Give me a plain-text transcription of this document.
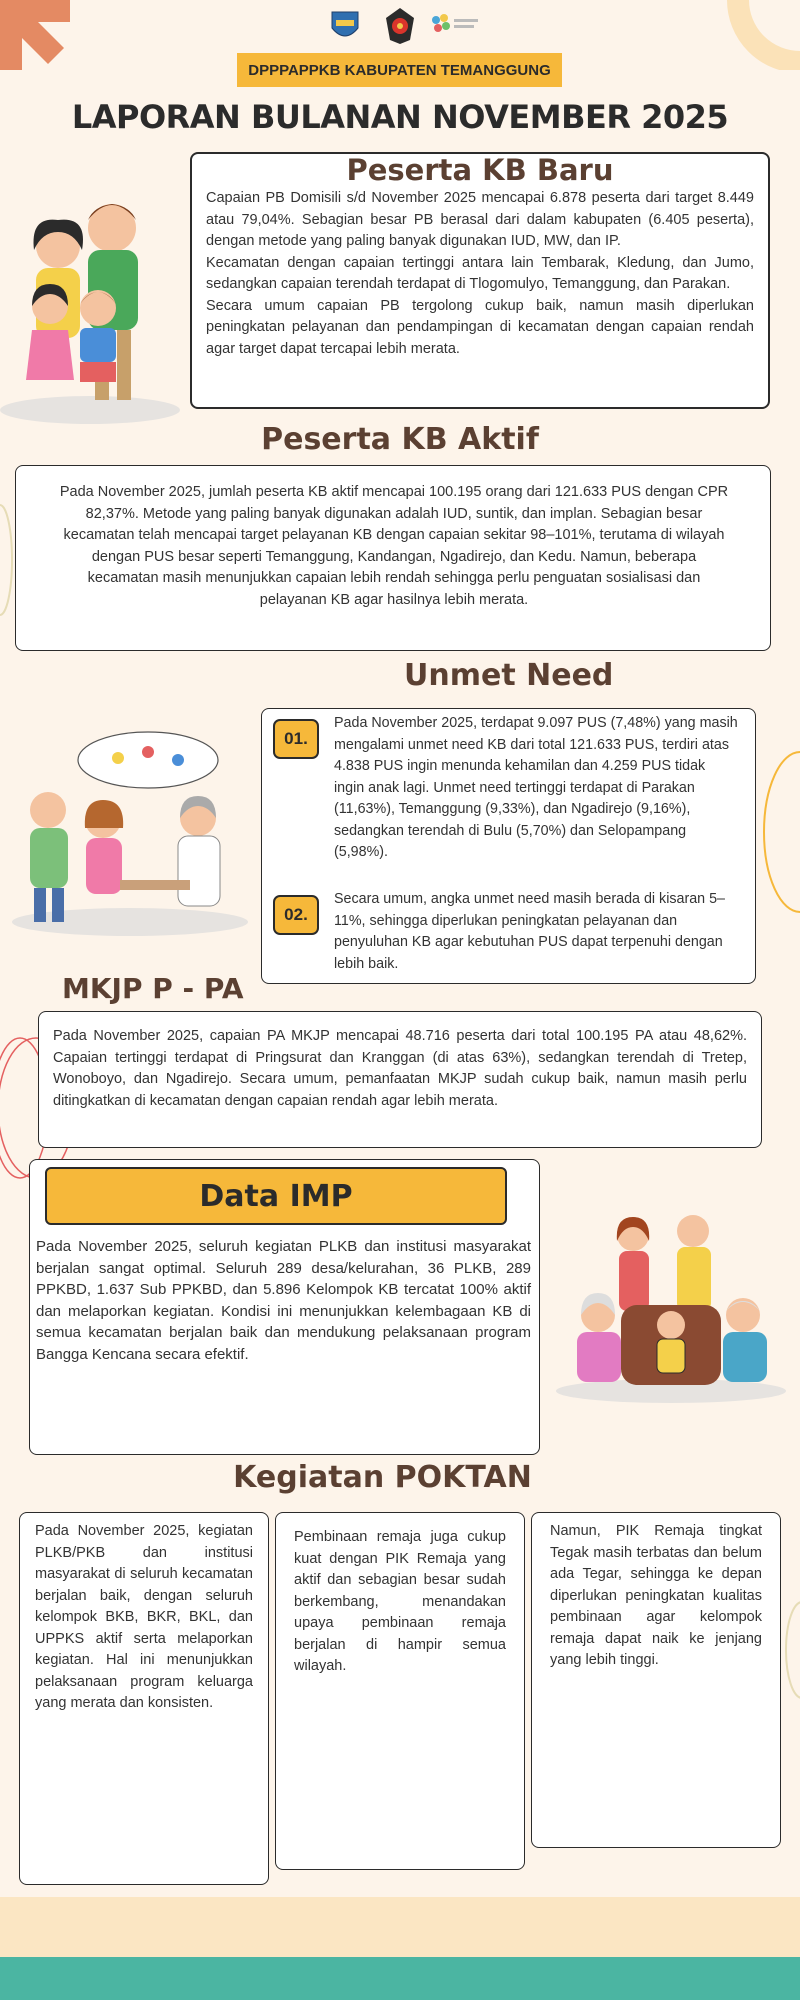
DPPPAPPKB KABUPATEN TEMANGGUNG
LAPORAN BULANAN NOVEMBER 2025
Peserta KB Baru

Capaian PB Domisili s/d November 2025 mencapai 6.878 peserta dari target 8.449 atau 79,04%. Sebagian besar PB berasal dari dalam kabupaten (6.405 peserta), dengan metode yang paling banyak digunakan IUD, MW, dan IP.

Kecamatan dengan capaian tertinggi antara lain Tembarak, Kledung, dan Jumo, sedangkan capaian terendah terdapat di Tlogomulyo, Temanggung, dan Parakan.

Secara umum capaian PB tergolong cukup baik, namun masih diperlukan peningkatan pelayanan dan pendampingan di kecamatan dengan capaian rendah agar target dapat tercapai lebih merata.

Peserta KB Aktif

Pada November 2025, jumlah peserta KB aktif mencapai 100.195 orang dari 121.633 PUS dengan CPR 82,37%. Metode yang paling banyak digunakan adalah IUD, suntik, dan implan. Sebagian besar kecamatan telah mencapai target pelayanan KB dengan capaian sekitar 98–101%, terutama di wilayah dengan PUS besar seperti Temanggung, Kandangan, Ngadirejo, dan Kedu. Namun, beberapa kecamatan masih menunjukkan capaian lebih rendah sehingga perlu penguatan sosialisasi dan pelayanan KB agar hasilnya lebih merata.

Unmet Need
01.

Pada November 2025, terdapat 9.097 PUS (7,48%) yang masih mengalami unmet need KB dari total 121.633 PUS, terdiri atas 4.838 PUS ingin menunda kehamilan dan 4.259 PUS tidak ingin anak lagi. Unmet need tertinggi terdapat di Parakan (11,63%), Temanggung (9,33%), dan Ngadirejo (9,16%), sedangkan terendah di Bulu (5,70%) dan Selopampang (5,98%).

02.

Secara umum, angka unmet need masih berada di kisaran 5–11%, sehingga diperlukan peningkatan pelayanan dan penyuluhan KB agar kebutuhan PUS dapat terpenuhi dengan lebih baik.

MKJP P - PA

Pada November 2025, capaian PA MKJP mencapai 48.716 peserta dari total 100.195 PA atau 48,62%. Capaian tertinggi terdapat di Pringsurat dan Kranggan (di atas 63%), sedangkan terendah di Tretep, Wonoboyo, dan Ngadirejo. Secara umum, pemanfaatan MKJP sudah cukup baik, namun masih perlu ditingkatkan di kecamatan dengan capaian rendah agar lebih merata.

Data IMP

Pada November 2025, seluruh kegiatan PLKB dan institusi masyarakat berjalan sangat optimal. Seluruh 289 desa/kelurahan, 36 PLKB, 289 PPKBD, 1.637 Sub PPKBD, dan 5.896 Kelompok KB tercatat 100% aktif dan melaporkan kegiatan. Kondisi ini menunjukkan kelembagaan KB di semua kecamatan berjalan baik dan mendukung pelaksanaan program Bangga Kencana secara efektif.

Kegiatan POKTAN

Pada November 2025, kegiatan PLKB/PKB dan institusi masyarakat di seluruh kecamatan berjalan baik, dengan seluruh kelompok BKB, BKR, BKL, dan UPPKS aktif serta melaporkan kegiatan. Hal ini menunjukkan pelaksanaan program keluarga yang merata dan konsisten.

Pembinaan remaja juga cukup kuat dengan PIK Remaja yang aktif dan sebagian besar sudah berkembang, menandakan upaya pembinaan remaja berjalan di hampir semua wilayah.

Namun, PIK Remaja tingkat Tegak masih terbatas dan belum ada Tegar, sehingga ke depan diperlukan peningkatan kualitas pembinaan agar kelompok remaja dapat naik ke jenjang yang lebih tinggi.
